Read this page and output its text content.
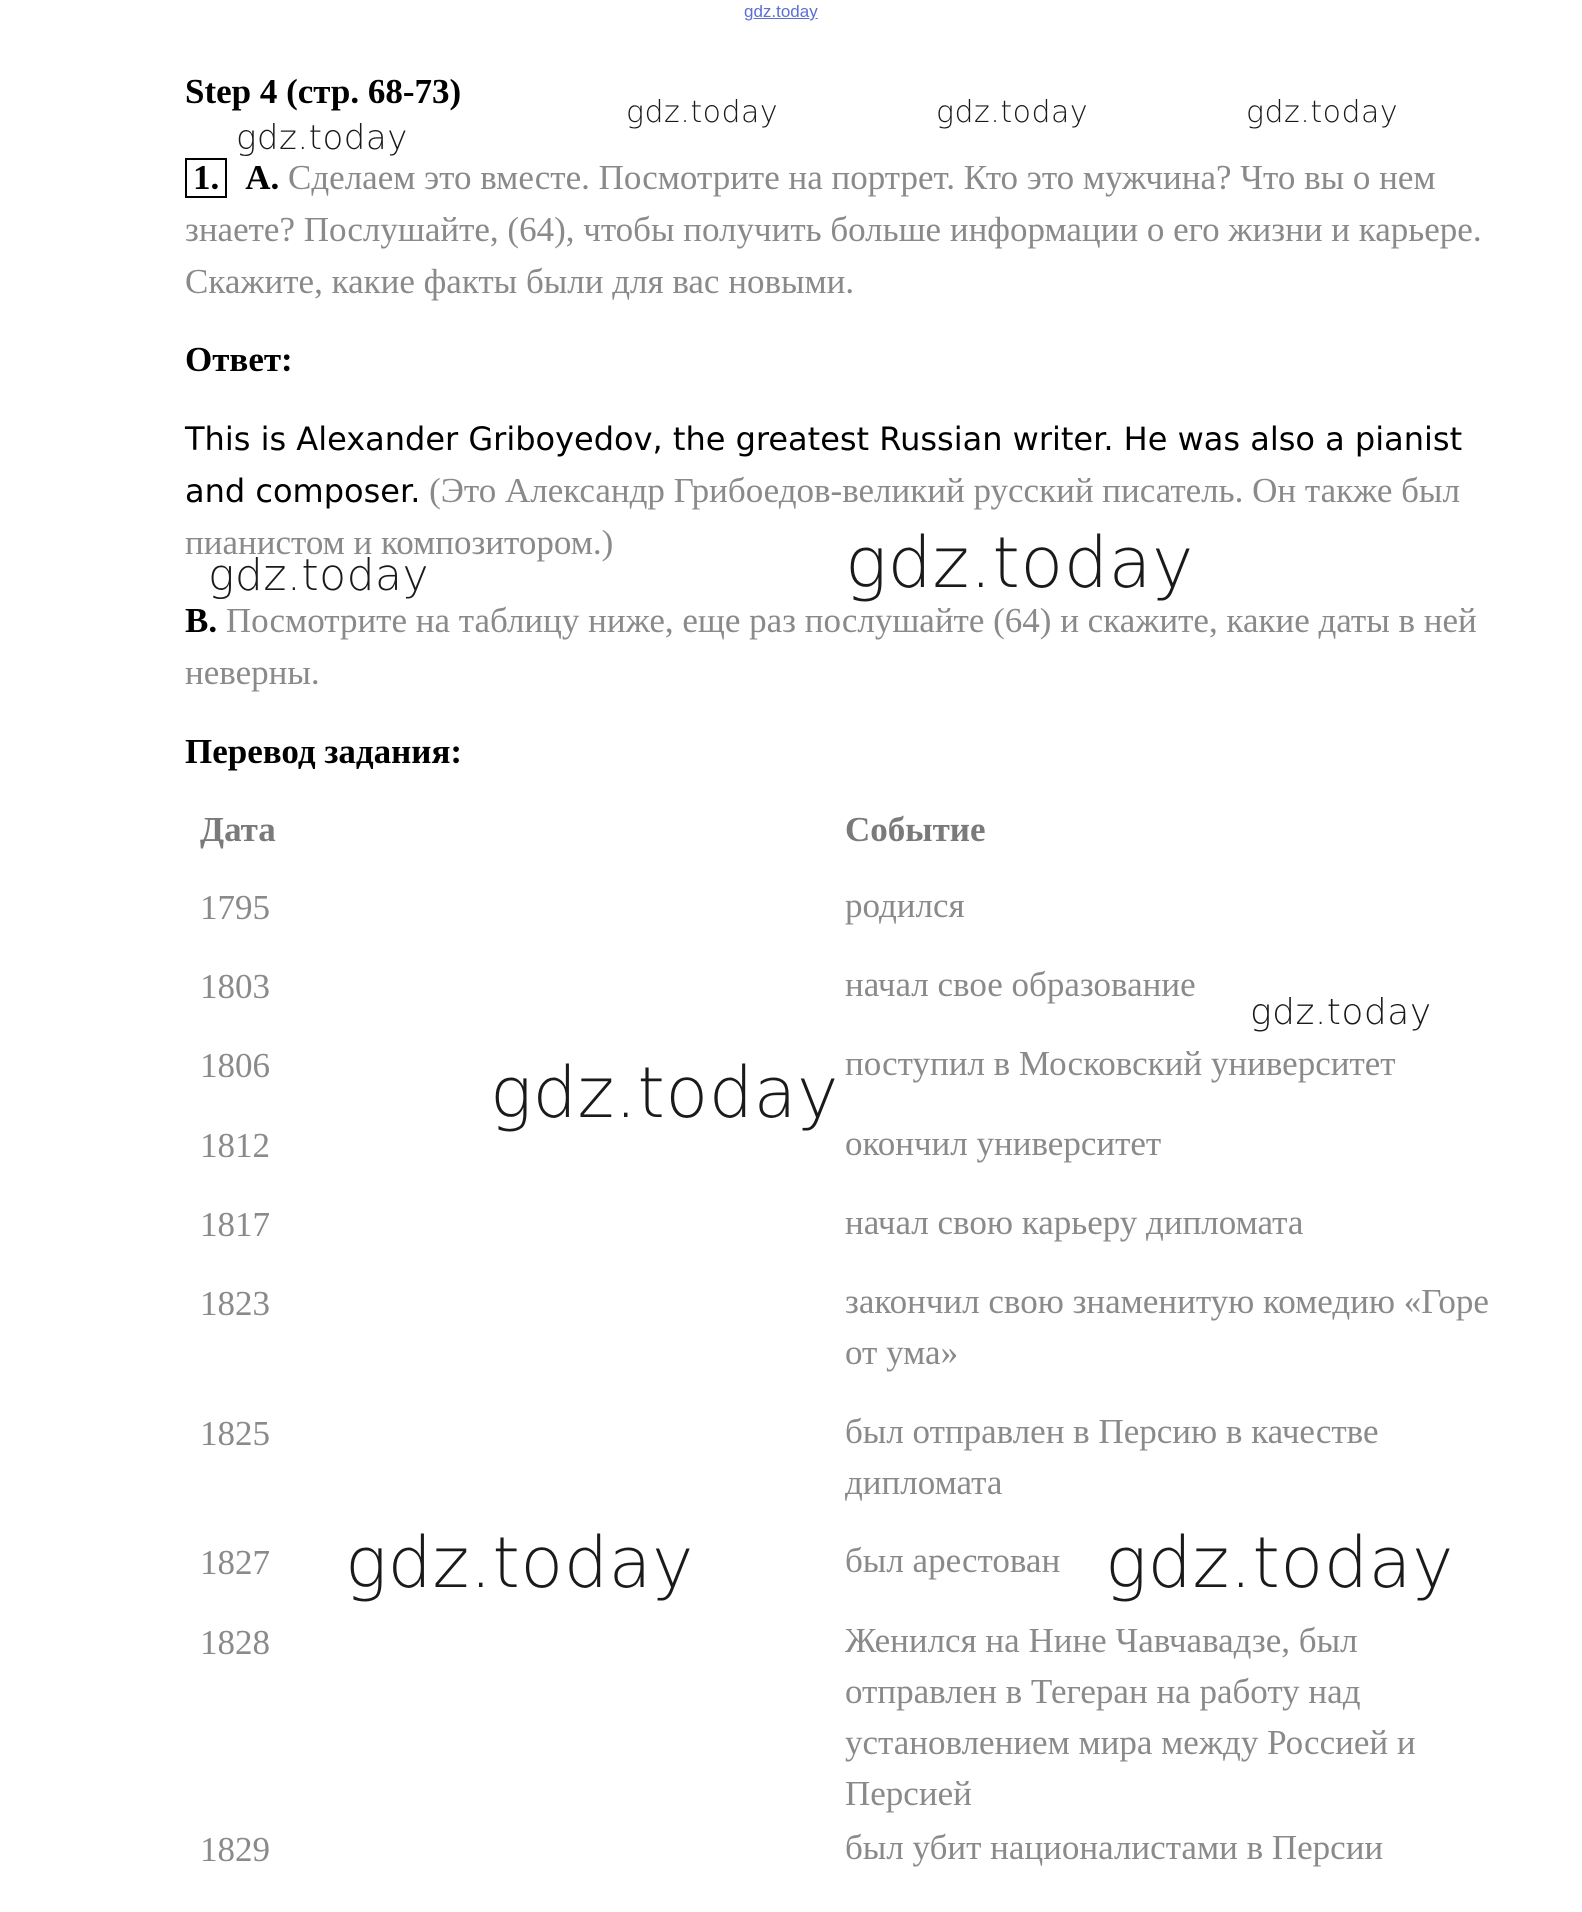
gdz.today
Step 4 (стр. 68-73)
1. A. Сделаем это вместе. Посмотрите на портрет. Кто это мужчина? Что вы о нем знаете? Послушайте, (64), чтобы получить больше информации о его жизни и карьере. Скажите, какие факты были для вас новыми.
Ответ:
This is Alexander Griboyedov, the greatest Russian writer. He was also a pianist and composer. (Это Александр Грибоедов-великий русский писатель. Он также был пианистом и композитором.)
B. Посмотрите на таблицу ниже, еще раз послушайте (64) и скажите, какие даты в ней неверны.
Перевод задания:
Дата	Событие
1795	родился
1803	начал свое образование
1806	поступил в Московский университет
1812	окончил университет
1817	начал свою карьеру дипломата
1823	закончил свою знаменитую комедию «Горе от ума»
1825	был отправлен в Персию в качестве дипломата
1827	был арестован
1828	Женился на Нине Чавчавадзе, был отправлен в Тегеран на работу над установлением мира между Россией и Персией
1829	был убит националистами в Персии
gdz.today
gdz.today	gdz.today	gdz.today
gdz.today	gdz.today
gdz.today
gdz.today
gdz.today	gdz.today
